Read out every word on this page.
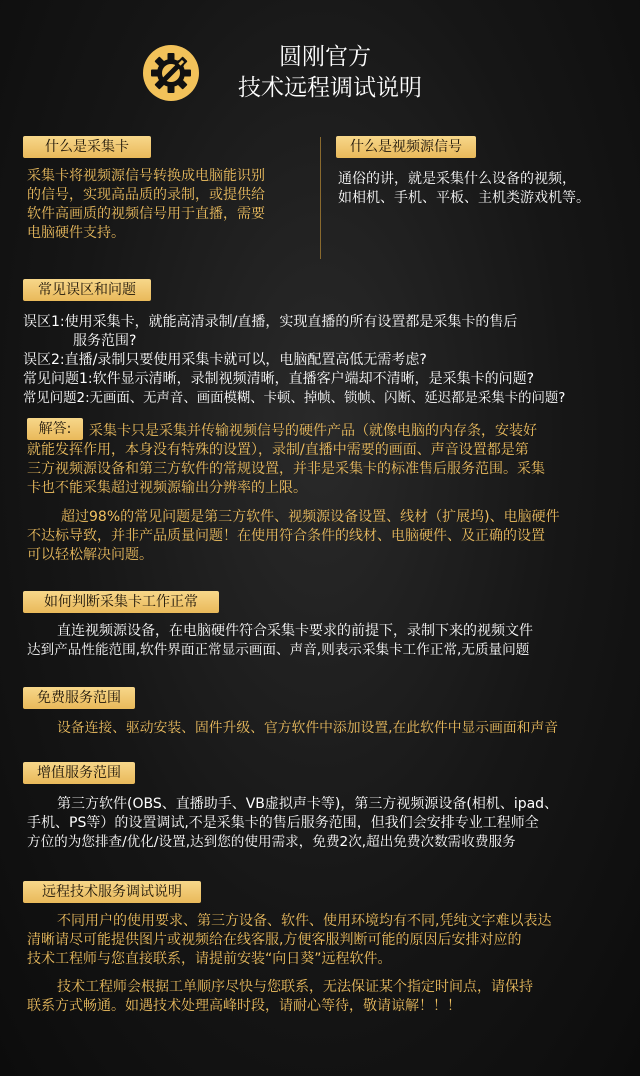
圆刚官方
技术远程调试说明
什么是采集卡
采集卡将视频源信号转换成电脑能识别
的信号，实现高品质的录制，或提供给
软件高画质的视频信号用于直播，需要
电脑硬件支持。
什么是视频源信号
通俗的讲，就是采集什么设备的视频，
如相机、手机、平板、主机类游戏机等。
常见误区和问题
误区1:使用采集卡，就能高清录制/直播，实现直播的所有设置都是采集卡的售后
服务范围?
误区2:直播/录制只要使用采集卡就可以，电脑配置高低无需考虑?
常见问题1:软件显示清晰，录制视频清晰，直播客户端却不清晰，是采集卡的问题?
常见问题2:无画面、无声音、画面模糊、卡顿、掉帧、锁帧、闪断、延迟都是采集卡的问题?
解答:	采集卡只是采集并传输视频信号的硬件产品（就像电脑的内存条，安装好
就能发挥作用，本身没有特殊的设置），录制/直播中需要的画面、声音设置都是第
三方视频源设备和第三方软件的常规设置，并非是采集卡的标准售后服务范围。采集
卡也不能采集超过视频源输出分辨率的上限。
超过98%的常见问题是第三方软件、视频源设备设置、线材（扩展坞)、电脑硬件
不达标导致，并非产品质量问题！在使用符合条件的线材、电脑硬件、及正确的设置
可以轻松解决问题。
如何判断采集卡工作正常
直连视频源设备，在电脑硬件符合采集卡要求的前提下，录制下来的视频文件
达到产品性能范围,软件界面正常显示画面、声音,则表示采集卡工作正常,无质量问题
免费服务范围
设备连接、驱动安装、固件升级、官方软件中添加设置,在此软件中显示画面和声音
增值服务范围
第三方软件(OBS、直播助手、VB虚拟声卡等)，第三方视频源设备(相机、ipad、
手机、PS等）的设置调试,不是采集卡的售后服务范围，但我们会安排专业工程师全
方位的为您排查/优化/设置,达到您的使用需求，免费2次,超出免费次数需收费服务
远程技术服务调试说明
不同用户的使用要求、第三方设备、软件、使用环境均有不同,凭纯文字难以表达
清晰请尽可能提供图片或视频给在线客服,方便客服判断可能的原因后安排对应的
技术工程师与您直接联系，请提前安装“向日葵”远程软件。
技术工程师会根据工单顺序尽快与您联系，无法保证某个指定时间点，请保持
联系方式畅通。如遇技术处理高峰时段，请耐心等待，敬请谅解！！！
